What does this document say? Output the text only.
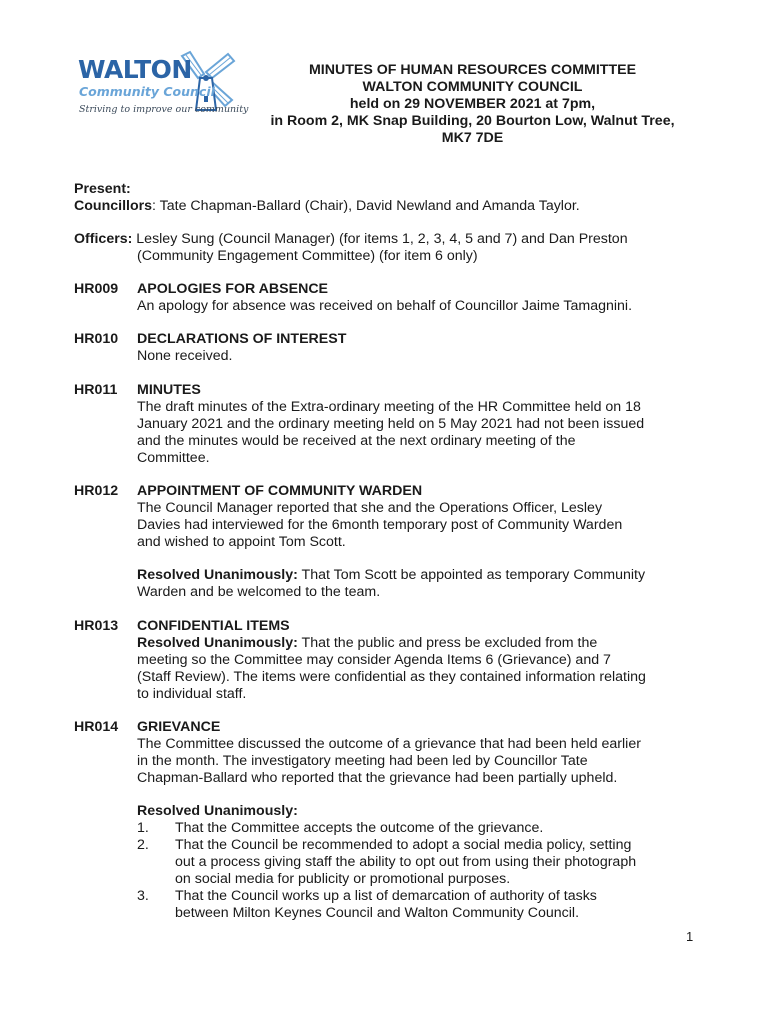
WALTON
Community Council
Striving to improve our community
MINUTES OF HUMAN RESOURCES COMMITTEE
WALTON COMMUNITY COUNCIL
held on 29 NOVEMBER 2021 at 7pm,
in Room 2, MK Snap Building, 20 Bourton Low, Walnut Tree,
MK7 7DE
Present:
Councillors: Tate Chapman-Ballard (Chair), David Newland and Amanda Taylor.
Officers: Lesley Sung (Council Manager) (for items 1, 2, 3, 4, 5 and 7) and Dan Preston
(Community Engagement Committee) (for item 6 only)
HR009 APOLOGIES FOR ABSENCE
An apology for absence was received on behalf of Councillor Jaime Tamagnini.
HR010 DECLARATIONS OF INTEREST
None received.
HR011 MINUTES
The draft minutes of the Extra-ordinary meeting of the HR Committee held on 18
January 2021 and the ordinary meeting held on 5 May 2021 had not been issued
and the minutes would be received at the next ordinary meeting of the
Committee.
HR012 APPOINTMENT OF COMMUNITY WARDEN
The Council Manager reported that she and the Operations Officer, Lesley
Davies had interviewed for the 6month temporary post of Community Warden
and wished to appoint Tom Scott.
Resolved Unanimously: That Tom Scott be appointed as temporary Community
Warden and be welcomed to the team.
HR013 CONFIDENTIAL ITEMS
Resolved Unanimously: That the public and press be excluded from the
meeting so the Committee may consider Agenda Items 6 (Grievance) and 7
(Staff Review). The items were confidential as they contained information relating
to individual staff.
HR014 GRIEVANCE
The Committee discussed the outcome of a grievance that had been held earlier
in the month. The investigatory meeting had been led by Councillor Tate
Chapman-Ballard who reported that the grievance had been partially upheld.
Resolved Unanimously:
1. That the Committee accepts the outcome of the grievance.
2. That the Council be recommended to adopt a social media policy, setting
out a process giving staff the ability to opt out from using their photograph
on social media for publicity or promotional purposes.
3. That the Council works up a list of demarcation of authority of tasks
between Milton Keynes Council and Walton Community Council.
1
